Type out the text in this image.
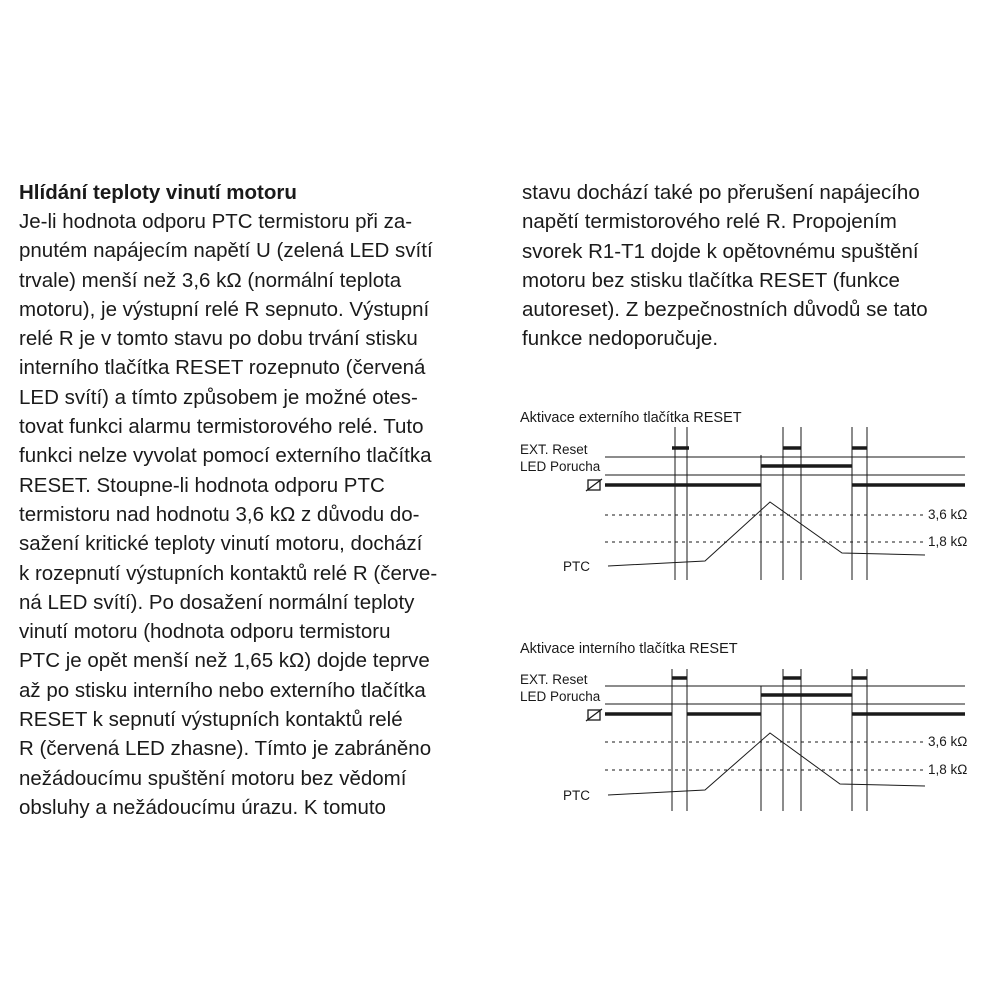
Hlídání teploty vinutí motoru
Je-li hodnota odporu PTC termistoru při za-
pnutém napájecím napětí U (zelená LED svítí
trvale) menší než 3,6 kΩ (normální teplota
motoru), je výstupní relé R sepnuto. Výstupní
relé R je v tomto stavu po dobu trvání stisku
interního tlačítka RESET rozepnuto (červená
LED svítí) a tímto způsobem je možné otes-
tovat funkci alarmu termistorového relé. Tuto
funkci nelze vyvolat pomocí externího tlačítka
RESET. Stoupne-li hodnota odporu PTC
termistoru nad hodnotu 3,6 kΩ z důvodu do-
sažení kritické teploty vinutí motoru, dochází
k rozepnutí výstupních kontaktů relé R (červe-
ná LED svítí). Po dosažení normální teploty
vinutí motoru (hodnota odporu termistoru
PTC je opět menší než 1,65 kΩ) dojde teprve
až po stisku interního nebo externího tlačítka
RESET k sepnutí výstupních kontaktů relé
R (červená LED zhasne). Tímto je zabráněno
nežádoucímu spuštění motoru bez vědomí
obsluhy a nežádoucímu úrazu. K tomuto
stavu dochází také po přerušení napájecího
napětí termistorového relé R. Propojením
svorek R1-T1 dojde k opětovnému spuštění
motoru bez stisku tlačítka RESET (funkce
autoreset). Z bezpečnostních důvodů se tato
funkce nedoporučuje.
Aktivace externího tlačítka RESET
EXT. Reset
LED Porucha
PTC
3,6 kΩ
1,8 kΩ
Aktivace interního tlačítka RESET
EXT. Reset
LED Porucha
PTC
3,6 kΩ
1,8 kΩ
